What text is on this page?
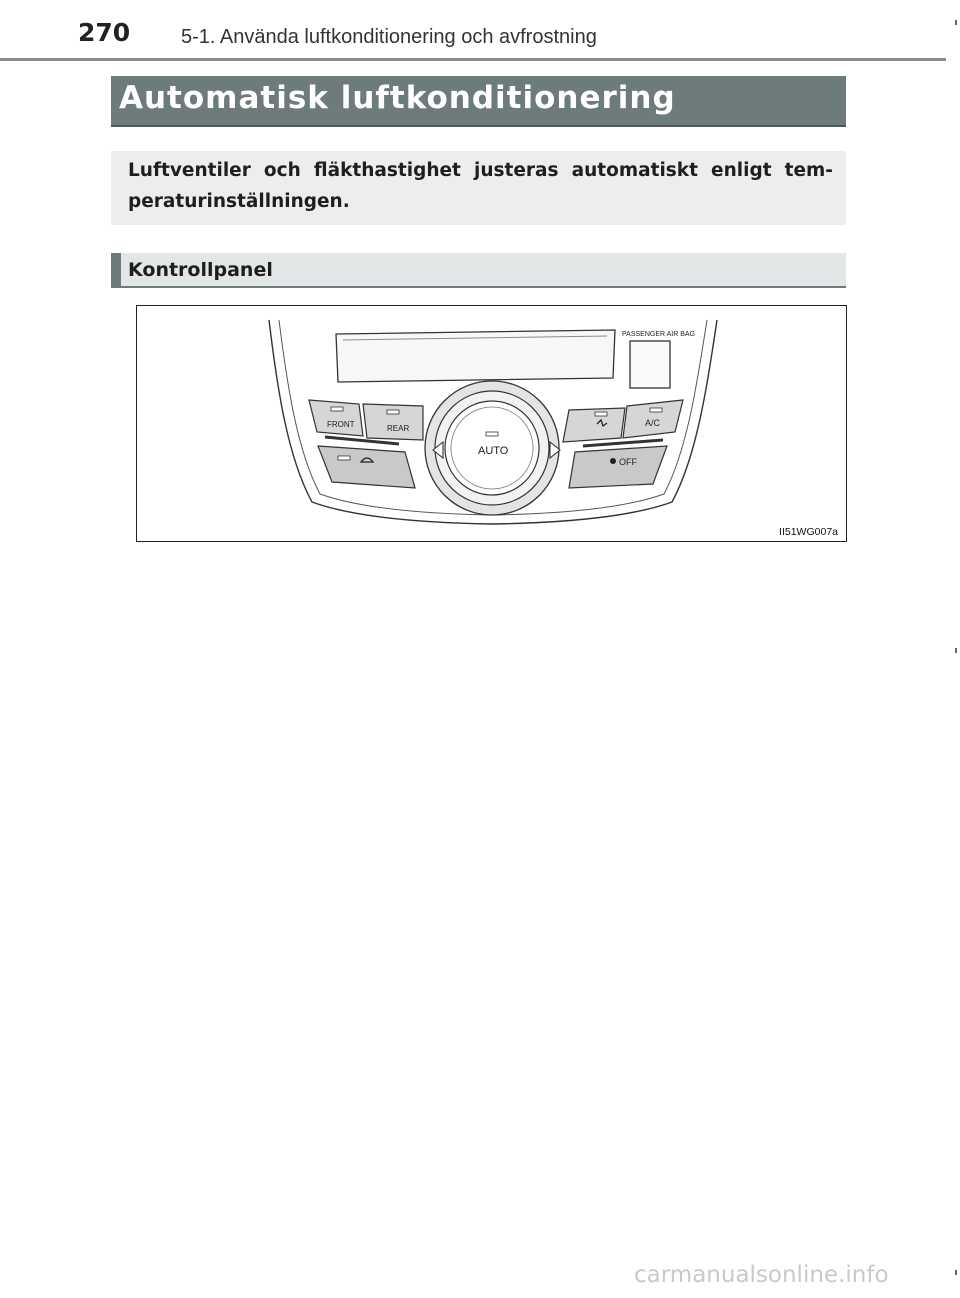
270	5-1. Använda luftkonditionering och avfrostning
Automatisk luftkonditionering

Luftventiler och fläkthastighet justeras automatiskt enligt tem-peraturinställningen.

Kontrollpanel
PASSENGER AIR BAG
FRONT	REAR
A/C
OFF
AUTO
II51WG007a
carmanualsonline.info
